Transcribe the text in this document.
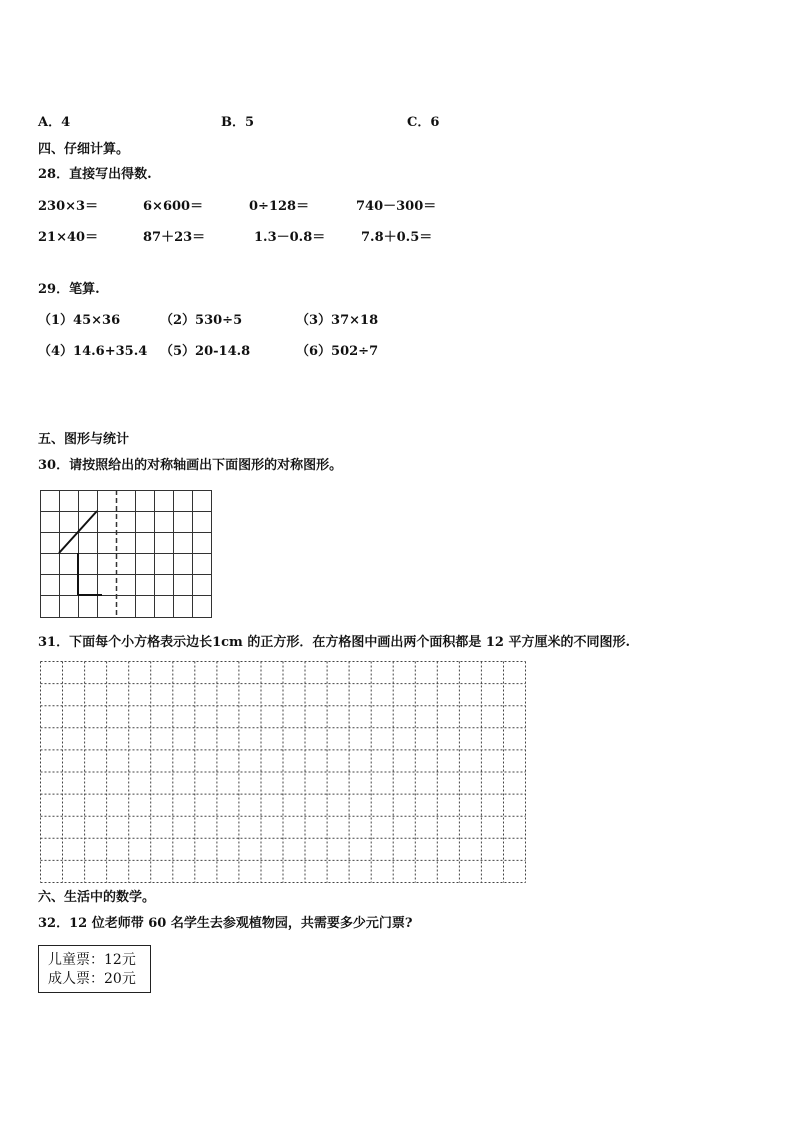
A．4	B．5	C．6
四、仔细计算。
28．直接写出得数.
230×3＝	6×600＝	0÷128＝	740－300＝
21×40＝	87＋23＝	1.3－0.8＝	7.8＋0.5＝
29．笔算.
（1）45×36	（2）530÷5	（3）37×18
（4）14.6+35.4 （5）20-14.8	（6）502÷7
五、图形与统计
30．请按照给出的对称轴画出下面图形的对称图形。
31．下面每个小方格表示边长1cm 的正方形．在方格图中画出两个面积都是 12 平方厘米的不同图形.
六、生活中的数学。
32．12 位老师带 60 名学生去参观植物园，共需要多少元门票?
儿童票：12元
成人票：20元
